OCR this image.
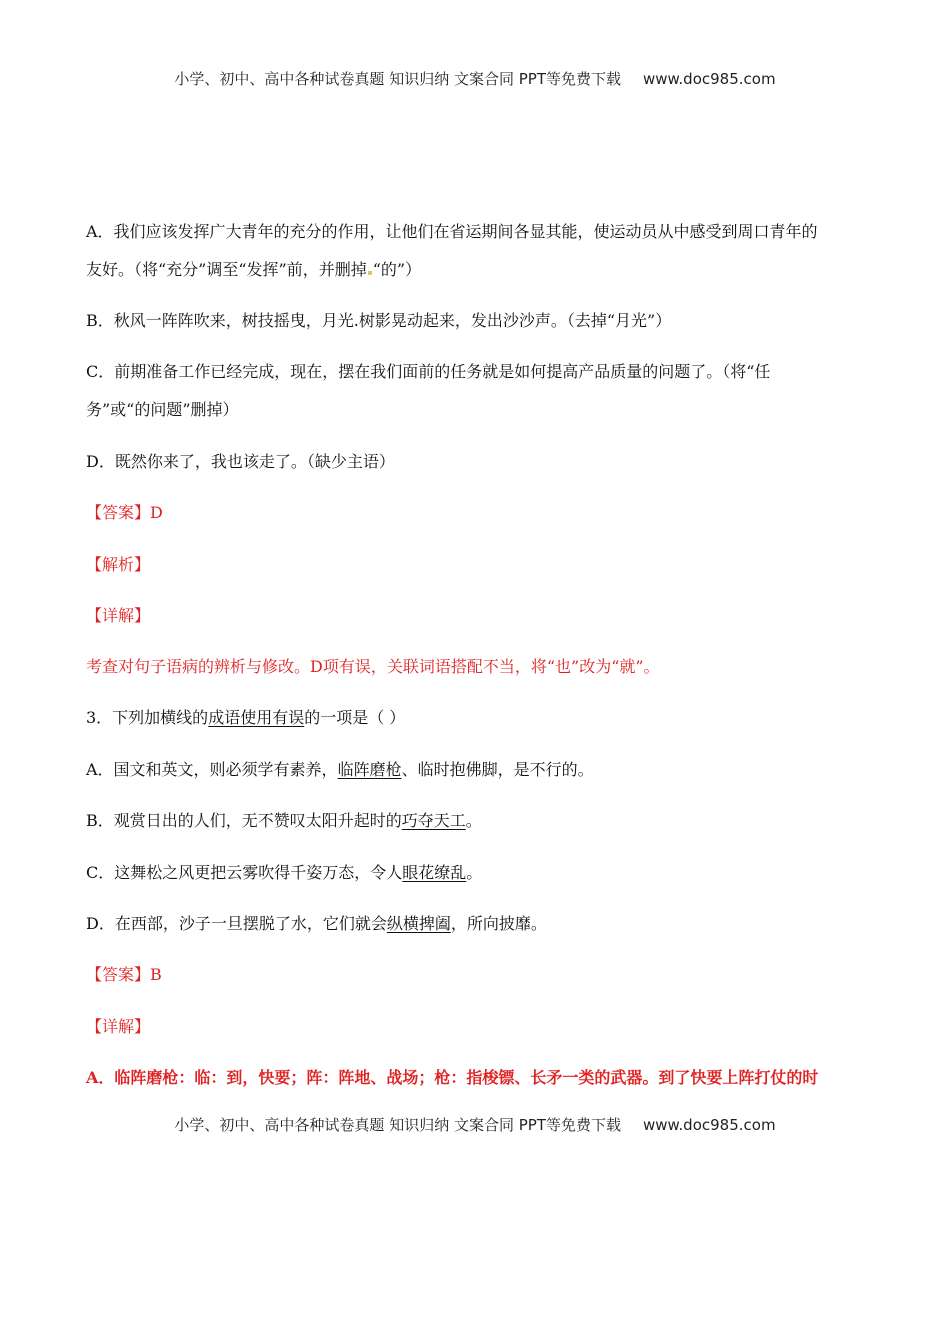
小学、初中、高中各种试卷真题 知识归纳 文案合同 PPT等免费下载 www.doc985.com
A．我们应该发挥广大青年的充分的作用，让他们在省运期间各显其能，使运动员从中感受到周口青年的
友好。（将“充分”调至“发挥”前，并删掉 “的”）
B．秋风一阵阵吹来，树技摇曳，月光.树影晃动起来，发出沙沙声。（去掉“月光”）
C．前期准备工作已经完成，现在，摆在我们面前的任务就是如何提高产品质量的问题了。（将“任
务”或“的问题”删掉）
D．既然你来了，我也该走了。（缺少主语）
【答案】D
【解析】
【详解】
考查对句子语病的辨析与修改。D项有误，关联词语搭配不当，将“也”改为“就”。
3．下列加横线的成语使用有误的一项是（ ）
A．国文和英文，则必须学有素养，临阵磨枪、临时抱佛脚，是不行的。
B．观赏日出的人们，无不赞叹太阳升起时的巧夺天工。
C．这舞松之风更把云雾吹得千姿万态，令人眼花缭乱。
D．在西部，沙子一旦摆脱了水，它们就会纵横捭阖，所向披靡。
【答案】B
【详解】
A．临阵磨枪：临：到，快要；阵：阵地、战场；枪：指梭镖、长矛一类的武器。到了快要上阵打仗的时
小学、初中、高中各种试卷真题 知识归纳 文案合同 PPT等免费下载 www.doc985.com
